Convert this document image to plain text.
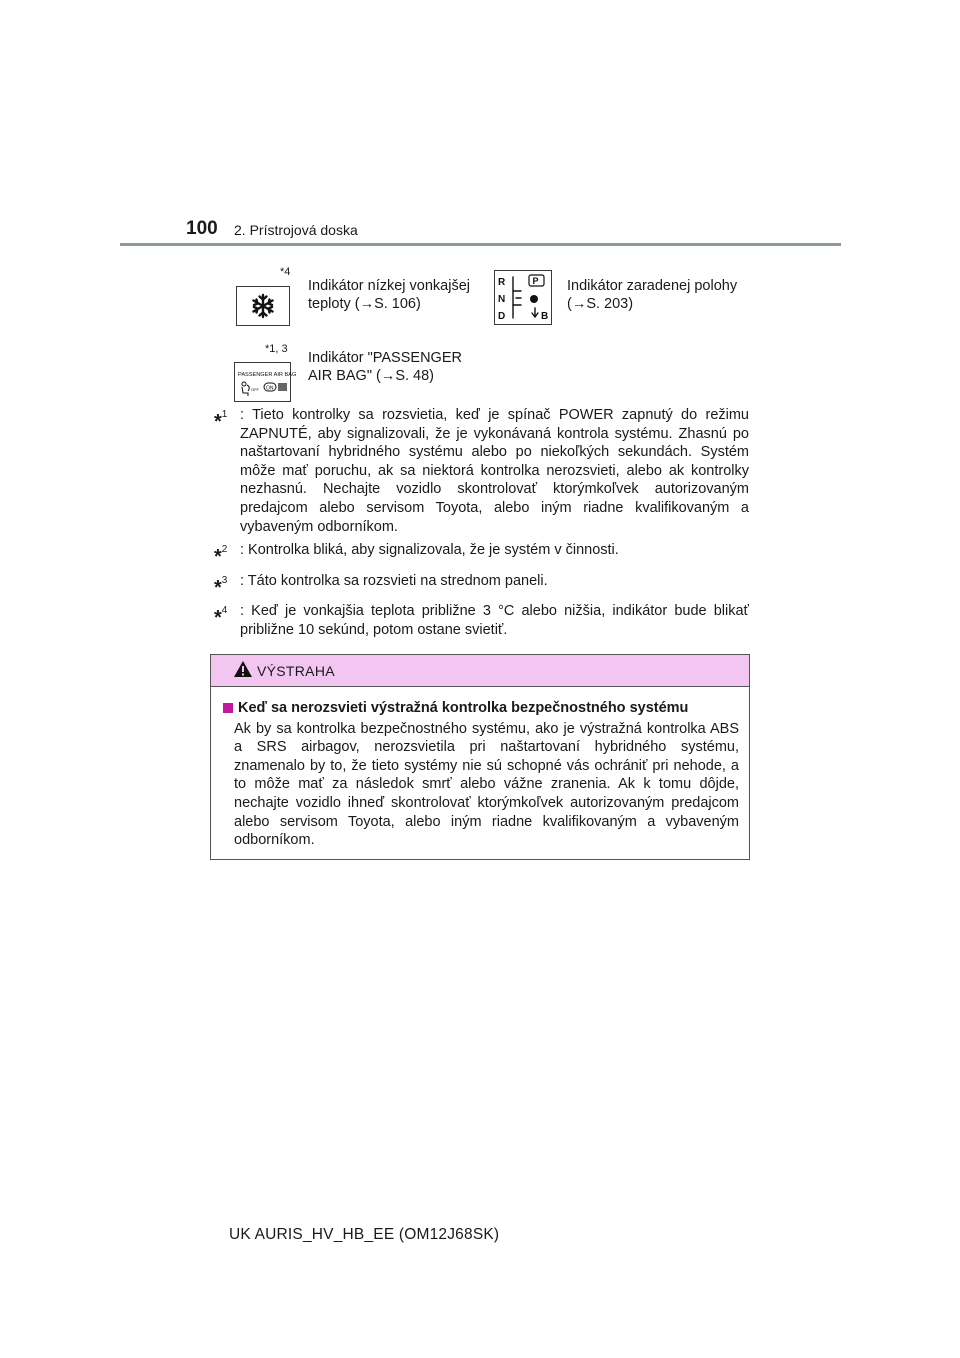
100 2. Prístrojová doska
*4
Indikátor nízkej vonkajšej
teploty (→S. 106)
R
N
D
P
B
Indikátor zaradenej polohy
(→S. 203)
*1, 3
PASSENGER AIR BAG
OFF ON
Indikátor "PASSENGER
AIR BAG" (→S. 48)
*$^1$ : Tieto kontrolky sa rozsvietia, keď je spínač POWER zapnutý do režimu ZAPNUTÉ, aby signalizovali, že je vykonávaná kontrola systému. Zhasnú po naštartovaní hybridného systému alebo po niekoľkých sekundách. Systém môže mať poruchu, ak sa niektorá kontrolka nerozsvieti, alebo ak kontrolky nezhasnú. Nechajte vozidlo skontrolovať ktorýmkoľvek autorizovaným predajcom alebo servisom Toyota, alebo iným riadne kvalifikovaným a vybaveným odborníkom.
*$^2$ : Kontrolka bliká, aby signalizovala, že je systém v činnosti.
*$^3$ : Táto kontrolka sa rozsvieti na strednom paneli.
*$^4$ : Keď je vonkajšia teplota približne 3 °C alebo nižšia, indikátor bude blikať približne 10 sekúnd, potom ostane svietiť.
VÝSTRAHA
Keď sa nerozsvieti výstražná kontrolka bezpečnostného systému
Ak by sa kontrolka bezpečnostného systému, ako je výstražná kontrolka ABS a SRS airbagov, nerozsvietila pri naštartovaní hybridného systému, znamenalo by to, že tieto systémy nie sú schopné vás ochrániť pri nehode, a to môže mať za následok smrť alebo vážne zranenia. Ak k tomu dôjde, nechajte vozidlo ihneď skontrolovať ktorýmkoľvek autorizovaným predajcom alebo servisom Toyota, alebo iným riadne kvalifikovaným a vybaveným odborníkom.
UK AURIS_HV_HB_EE (OM12J68SK)
